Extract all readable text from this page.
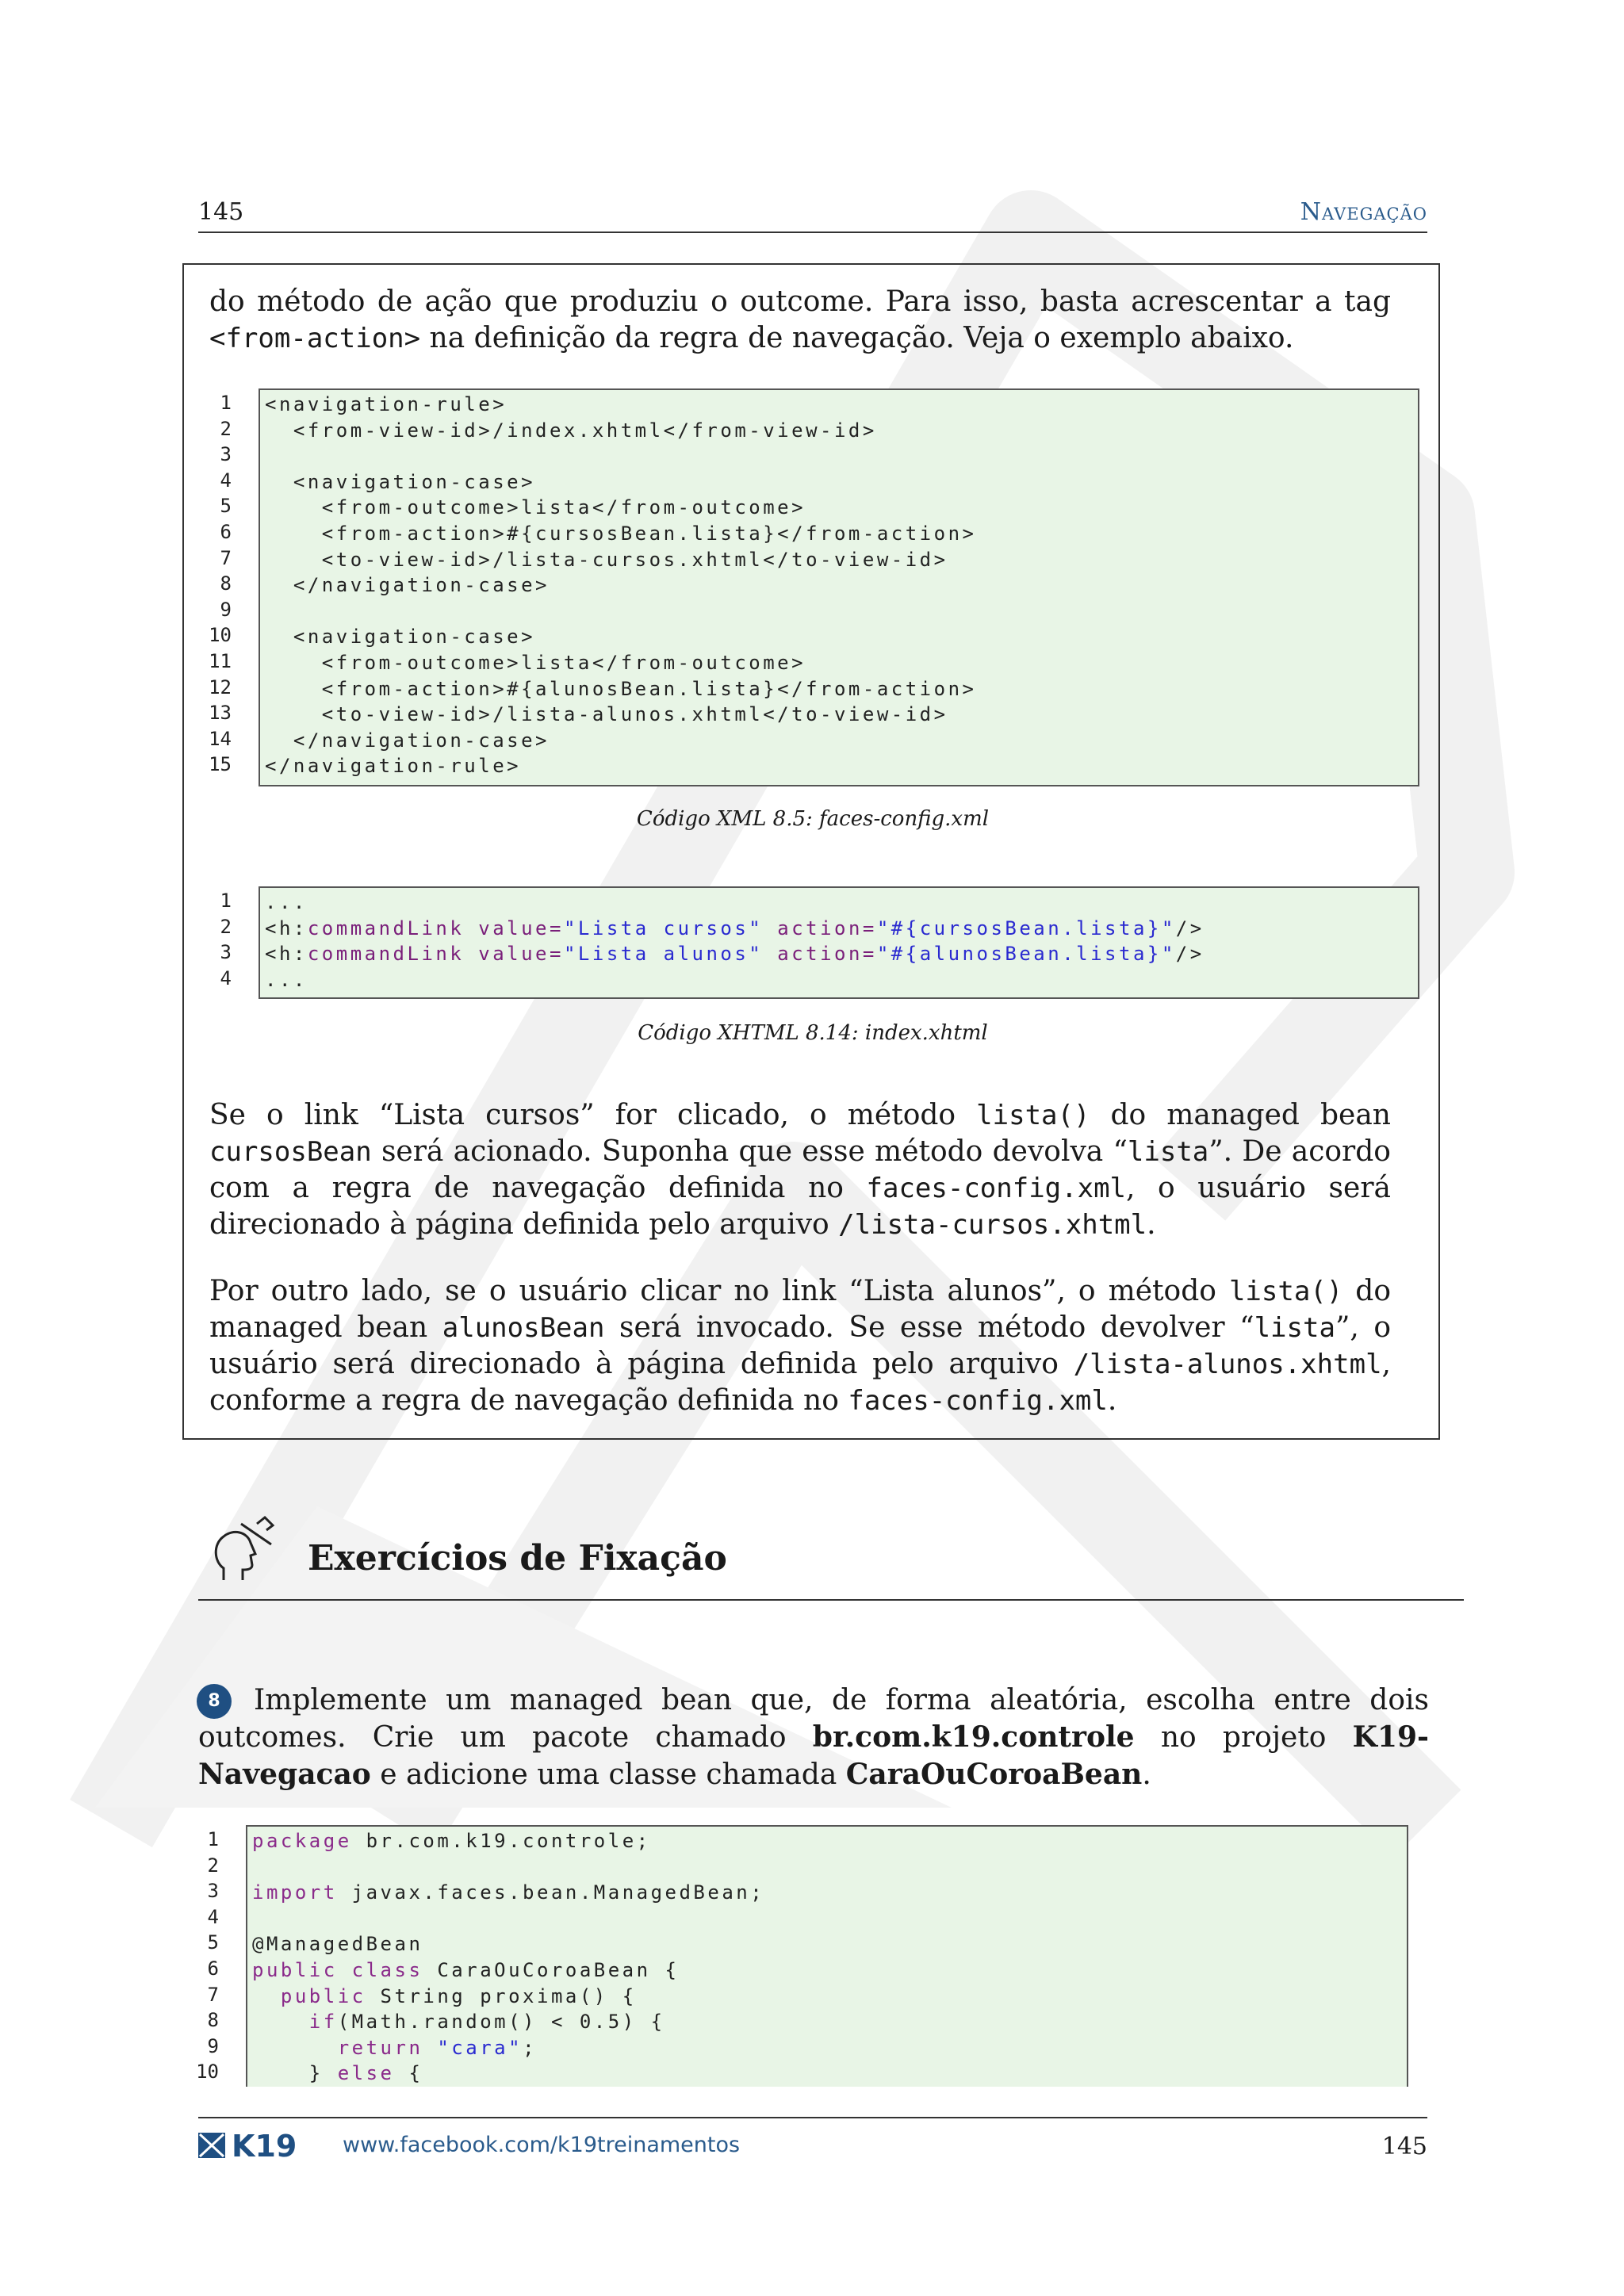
145	Navegação
do método de ação que produziu o outcome. Para isso, basta acrescentar a tag <from-action> na definição da regra de navegação. Veja o exemplo abaixo.
1
2
3
4
5
6
7
8
9
10
11
12
13
14
15
<navigation-rule>
<from-view-id>/index.xhtml</from-view-id>
<navigation-case>
<from-outcome>lista</from-outcome>
<from-action>#{cursosBean.lista}</from-action>
<to-view-id>/lista-cursos.xhtml</to-view-id>
</navigation-case>
<navigation-case>
<from-outcome>lista</from-outcome>
<from-action>#{alunosBean.lista}</from-action>
<to-view-id>/lista-alunos.xhtml</to-view-id>
</navigation-case>
</navigation-rule>
Código XML 8.5: faces-config.xml
1
2
3
4
...
<h:commandLink value="Lista cursos" action="#{cursosBean.lista}"/>
<h:commandLink value="Lista alunos" action="#{alunosBean.lista}"/>
...
Código XHTML 8.14: index.xhtml
Se o link “Lista cursos” for clicado, o método lista() do managed bean cursosBean será acionado. Suponha que esse método devolva “lista”. De acordo com a regra de navegação definida no faces-config.xml, o usuário será direcionado à página definida pelo arquivo /lista-cursos.xhtml.
Por outro lado, se o usuário clicar no link “Lista alunos”, o método lista() do managed bean alunosBean será invocado. Se esse método devolver “lista”, o usuário será direcionado à página definida pelo arquivo /lista-alunos.xhtml, conforme a regra de navegação definida no faces-config.xml.
Exercícios de Fixação
8	Implemente um managed bean que, de forma aleatória, escolha entre dois outcomes. Crie um pacote chamado br.com.k19.controle no projeto K19-Navegacao e adicione uma classe chamada CaraOuCoroaBean.
1
2
3
4
5
6
7
8
9
10
package br.com.k19.controle;
import javax.faces.bean.ManagedBean;
@ManagedBean
public class CaraOuCoroaBean {
public String proxima() {
if(Math.random() < 0.5) {
return "cara";
} else {
K19 www.facebook.com/k19treinamentos	145
